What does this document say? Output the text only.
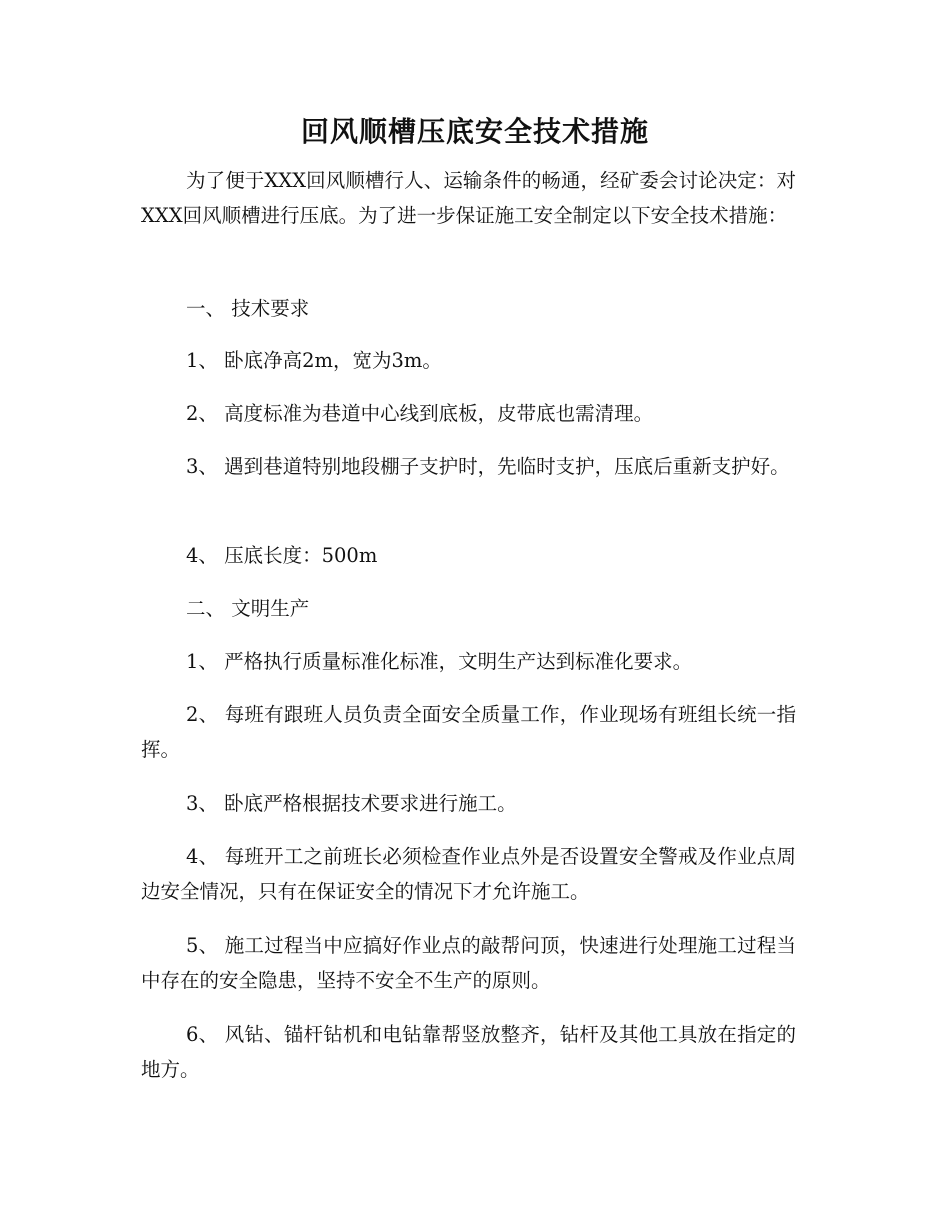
回风顺槽压底安全技术措施

为了便于XXX回风顺槽行人、运输条件的畅通，经矿委会讨论决定：对XXX回风顺槽进行压底。为了进一步保证施工安全制定以下安全技术措施：

一、 技术要求

1、 卧底净高2m，宽为3m。

2、 高度标准为巷道中心线到底板，皮带底也需清理。

3、 遇到巷道特别地段棚子支护时，先临时支护，压底后重新支护好。

4、 压底长度：500m

二、 文明生产

1、 严格执行质量标准化标准，文明生产达到标准化要求。

2、 每班有跟班人员负责全面安全质量工作，作业现场有班组长统一指挥。

3、 卧底严格根据技术要求进行施工。

4、 每班开工之前班长必须检查作业点外是否设置安全警戒及作业点周边安全情况，只有在保证安全的情况下才允许施工。

5、 施工过程当中应搞好作业点的敲帮问顶，快速进行处理施工过程当中存在的安全隐患，坚持不安全不生产的原则。

6、 风钻、锚杆钻机和电钻靠帮竖放整齐，钻杆及其他工具放在指定的地方。
